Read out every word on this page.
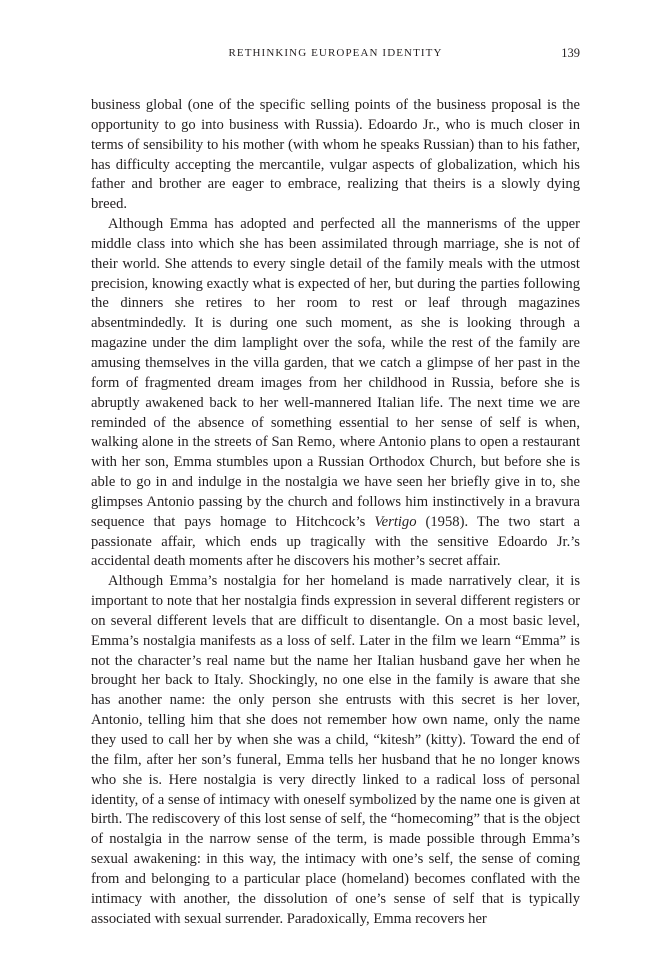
RETHINKING EUROPEAN IDENTITY	139

business global (one of the specific selling points of the business proposal is the opportunity to go into business with Russia). Edoardo Jr., who is much closer in terms of sensibility to his mother (with whom he speaks Russian) than to his father, has difficulty accepting the mercantile, vulgar aspects of globalization, which his father and brother are eager to embrace, realizing that theirs is a slowly dying breed.

Although Emma has adopted and perfected all the mannerisms of the upper middle class into which she has been assimilated through marriage, she is not of their world. She attends to every single detail of the family meals with the utmost precision, knowing exactly what is expected of her, but during the parties following the dinners she retires to her room to rest or leaf through magazines absentmindedly. It is during one such moment, as she is looking through a magazine under the dim lamplight over the sofa, while the rest of the family are amusing themselves in the villa garden, that we catch a glimpse of her past in the form of fragmented dream images from her childhood in Russia, before she is abruptly awakened back to her well-mannered Italian life. The next time we are reminded of the absence of something essential to her sense of self is when, walking alone in the streets of San Remo, where Antonio plans to open a restaurant with her son, Emma stumbles upon a Russian Orthodox Church, but before she is able to go in and indulge in the nostalgia we have seen her briefly give in to, she glimpses Antonio passing by the church and follows him instinctively in a bravura sequence that pays homage to Hitchcock’s Vertigo (1958). The two start a passionate affair, which ends up tragically with the sensitive Edoardo Jr.’s accidental death moments after he discovers his mother’s secret affair.

Although Emma’s nostalgia for her homeland is made narratively clear, it is important to note that her nostalgia finds expression in several different registers or on several different levels that are difficult to disentangle. On a most basic level, Emma’s nostalgia manifests as a loss of self. Later in the film we learn “Emma” is not the character’s real name but the name her Italian husband gave her when he brought her back to Italy. Shockingly, no one else in the family is aware that she has another name: the only person she entrusts with this secret is her lover, Antonio, telling him that she does not remember how own name, only the name they used to call her by when she was a child, “kitesh” (kitty). Toward the end of the film, after her son’s funeral, Emma tells her husband that he no longer knows who she is. Here nostalgia is very directly linked to a radical loss of personal identity, of a sense of intimacy with oneself symbolized by the name one is given at birth. The rediscovery of this lost sense of self, the “homecoming” that is the object of nostalgia in the narrow sense of the term, is made possible through Emma’s sexual awakening: in this way, the intimacy with one’s self, the sense of coming from and belonging to a particular place (homeland) becomes conflated with the intimacy with another, the dissolution of one’s sense of self that is typically associated with sexual surrender. Paradoxically, Emma recovers her
